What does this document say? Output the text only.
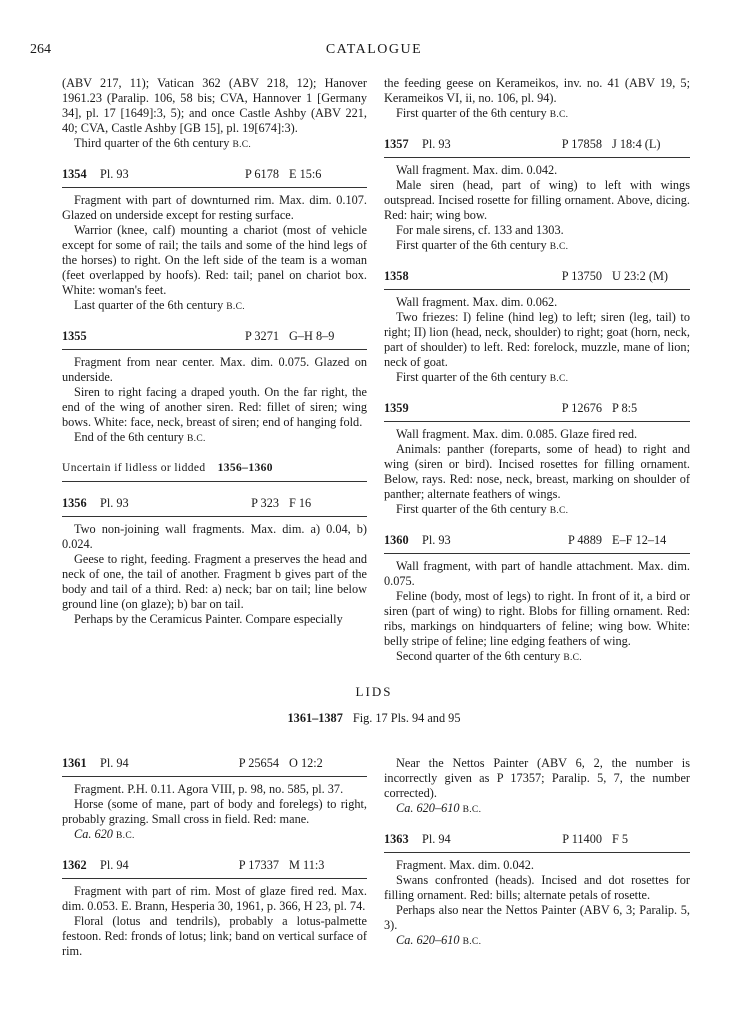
264	CATALOGUE

(ABV 217, 11); Vatican 362 (ABV 218, 12); Hanover 1961.23 (Paralip. 106, 58 bis; CVA, Hannover 1 [Germany 34], pl. 17 [1649]:3, 5); and once Castle Ashby (ABV 221, 40; CVA, Castle Ashby [GB 15], pl. 19[674]:3).

Third quarter of the 6th century B.C.

1354	Pl. 93	P 6178 E 15:6

Fragment with part of downturned rim. Max. dim. 0.107. Glazed on underside except for resting surface.

Warrior (knee, calf) mounting a chariot (most of vehicle except for some of rail; the tails and some of the hind legs of the horses) to right. On the left side of the team is a woman (feet overlapped by hoofs). Red: tail; panel on chariot box. White: woman's feet.

Last quarter of the 6th century B.C.

1355	P 3271 G–H 8–9

Fragment from near center. Max. dim. 0.075. Glazed on underside.

Siren to right facing a draped youth. On the far right, the end of the wing of another siren. Red: fillet of siren; wing bows. White: face, neck, breast of siren; end of hanging fold.

End of the 6th century B.C.

Uncertain if lidless or lidded 1356–1360
1356	Pl. 93	P 323 F 16

Two non-joining wall fragments. Max. dim. a) 0.04, b) 0.024.

Geese to right, feeding. Fragment a preserves the head and neck of one, the tail of another. Fragment b gives part of the body and tail of a third. Red: a) neck; bar on tail; line below ground line (on glaze); b) bar on tail.

Perhaps by the Ceramicus Painter. Compare especially

the feeding geese on Kerameikos, inv. no. 41 (ABV 19, 5; Kerameikos VI, ii, no. 106, pl. 94).

First quarter of the 6th century B.C.

1357	Pl. 93	P 17858 J 18:4 (L)

Wall fragment. Max. dim. 0.042.

Male siren (head, part of wing) to left with wings outspread. Incised rosette for filling ornament. Above, dicing. Red: hair; wing bow.

For male sirens, cf. 133 and 1303.

First quarter of the 6th century B.C.

1358	P 13750 U 23:2 (M)

Wall fragment. Max. dim. 0.062.

Two friezes: I) feline (hind leg) to left; siren (leg, tail) to right; II) lion (head, neck, shoulder) to right; goat (horn, neck, part of shoulder) to left. Red: forelock, muzzle, mane of lion; neck of goat.

First quarter of the 6th century B.C.

1359	P 12676 P 8:5

Wall fragment. Max. dim. 0.085. Glaze fired red.

Animals: panther (foreparts, some of head) to right and wing (siren or bird). Incised rosettes for filling ornament. Below, rays. Red: nose, neck, breast, marking on shoulder of panther; alternate feathers of wings.

First quarter of the 6th century B.C.

1360	Pl. 93	P 4889 E–F 12–14

Wall fragment, with part of handle attachment. Max. dim. 0.075.

Feline (body, most of legs) to right. In front of it, a bird or siren (part of wing) to right. Blobs for filling ornament. Red: ribs, markings on hindquarters of feline; wing bow. White: belly stripe of feline; line edging feathers of wing.

Second quarter of the 6th century B.C.

LIDS
1361–1387 Fig. 17 Pls. 94 and 95
1361	Pl. 94	P 25654 O 12:2

Fragment. P.H. 0.11. Agora VIII, p. 98, no. 585, pl. 37.

Horse (some of mane, part of body and forelegs) to right, probably grazing. Small cross in field. Red: mane.

Ca. 620 B.C.

1362	Pl. 94	P 17337 M 11:3

Fragment with part of rim. Most of glaze fired red. Max. dim. 0.053. E. Brann, Hesperia 30, 1961, p. 366, H 23, pl. 74.

Floral (lotus and tendrils), probably a lotus-palmette festoon. Red: fronds of lotus; link; band on vertical surface of rim.

Near the Nettos Painter (ABV 6, 2, the number is incorrectly given as P 17357; Paralip. 5, 7, the number corrected).

Ca. 620–610 B.C.

1363	Pl. 94	P 11400 F 5

Fragment. Max. dim. 0.042.

Swans confronted (heads). Incised and dot rosettes for filling ornament. Red: bills; alternate petals of rosette.

Perhaps also near the Nettos Painter (ABV 6, 3; Paralip. 5, 3).

Ca. 620–610 B.C.
